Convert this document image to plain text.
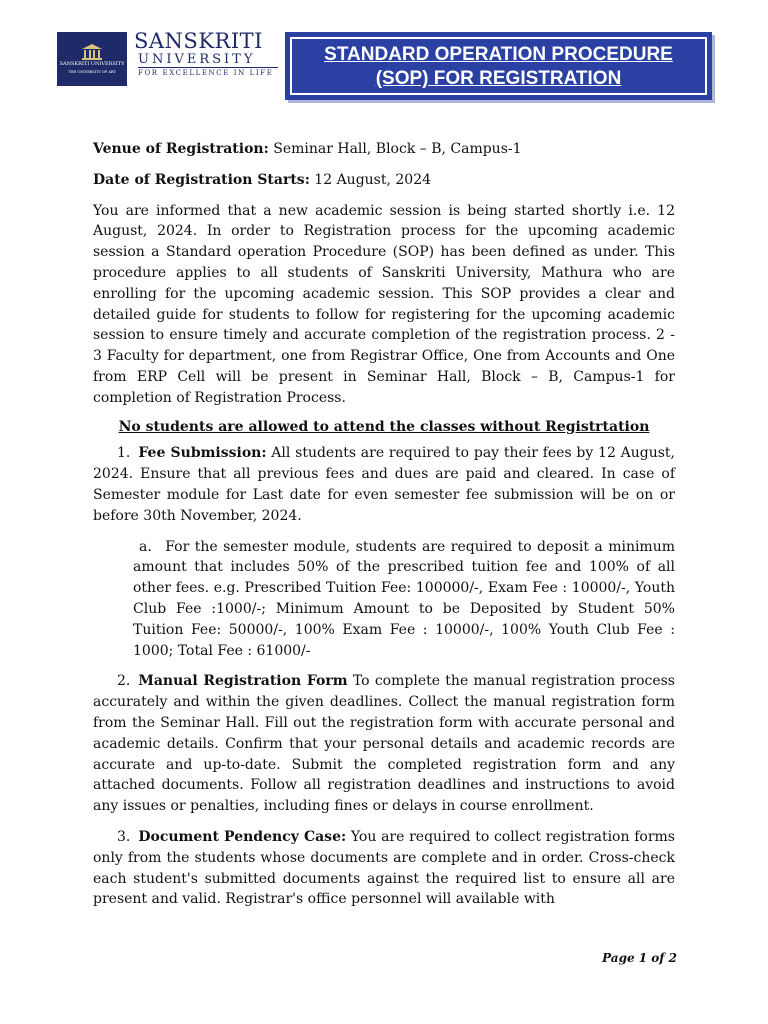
SANSKRITI UNIVERSITY
THE UNIVERSITY OF ART
SANSKRITI
UNIVERSITY
FOR EXCELLENCE IN LIFE
STANDARD OPERATION PROCEDURE
(SOP) FOR REGISTRATION

Venue of Registration: Seminar Hall, Block – B, Campus-1

Date of Registration Starts: 12 August, 2024

You are informed that a new academic session is being started shortly i.e. 12 August, 2024. In order to Registration process for the upcoming academic session a Standard operation Procedure (SOP) has been defined as under. This procedure applies to all students of Sanskriti University, Mathura who are enrolling for the upcoming academic session. This SOP provides a clear and detailed guide for students to follow for registering for the upcoming academic session to ensure timely and accurate completion of the registration process. 2 - 3 Faculty for department, one from Registrar Office, One from Accounts and One from ERP Cell will be present in Seminar Hall, Block – B, Campus-1 for completion of Registration Process.

No students are allowed to attend the classes without Registrtation

1. Fee Submission: All students are required to pay their fees by 12 August, 2024. Ensure that all previous fees and dues are paid and cleared. In case of Semester module for Last date for even semester fee submission will be on or before 30th November, 2024.

a. For the semester module, students are required to deposit a minimum amount that includes 50% of the prescribed tuition fee and 100% of all other fees. e.g. Prescribed Tuition Fee: 100000/-, Exam Fee : 10000/-, Youth Club Fee :1000/-; Minimum Amount to be Deposited by Student 50% Tuition Fee: 50000/-, 100% Exam Fee : 10000/-, 100% Youth Club Fee : 1000; Total Fee : 61000/-

2. Manual Registration Form To complete the manual registration process accurately and within the given deadlines. Collect the manual registration form from the Seminar Hall. Fill out the registration form with accurate personal and academic details. Confirm that your personal details and academic records are accurate and up-to-date. Submit the completed registration form and any attached documents. Follow all registration deadlines and instructions to avoid any issues or penalties, including fines or delays in course enrollment.

3. Document Pendency Case: You are required to collect registration forms only from the students whose documents are complete and in order. Cross-check each student's submitted documents against the required list to ensure all are present and valid. Registrar's office personnel will available with

Page 1 of 2
